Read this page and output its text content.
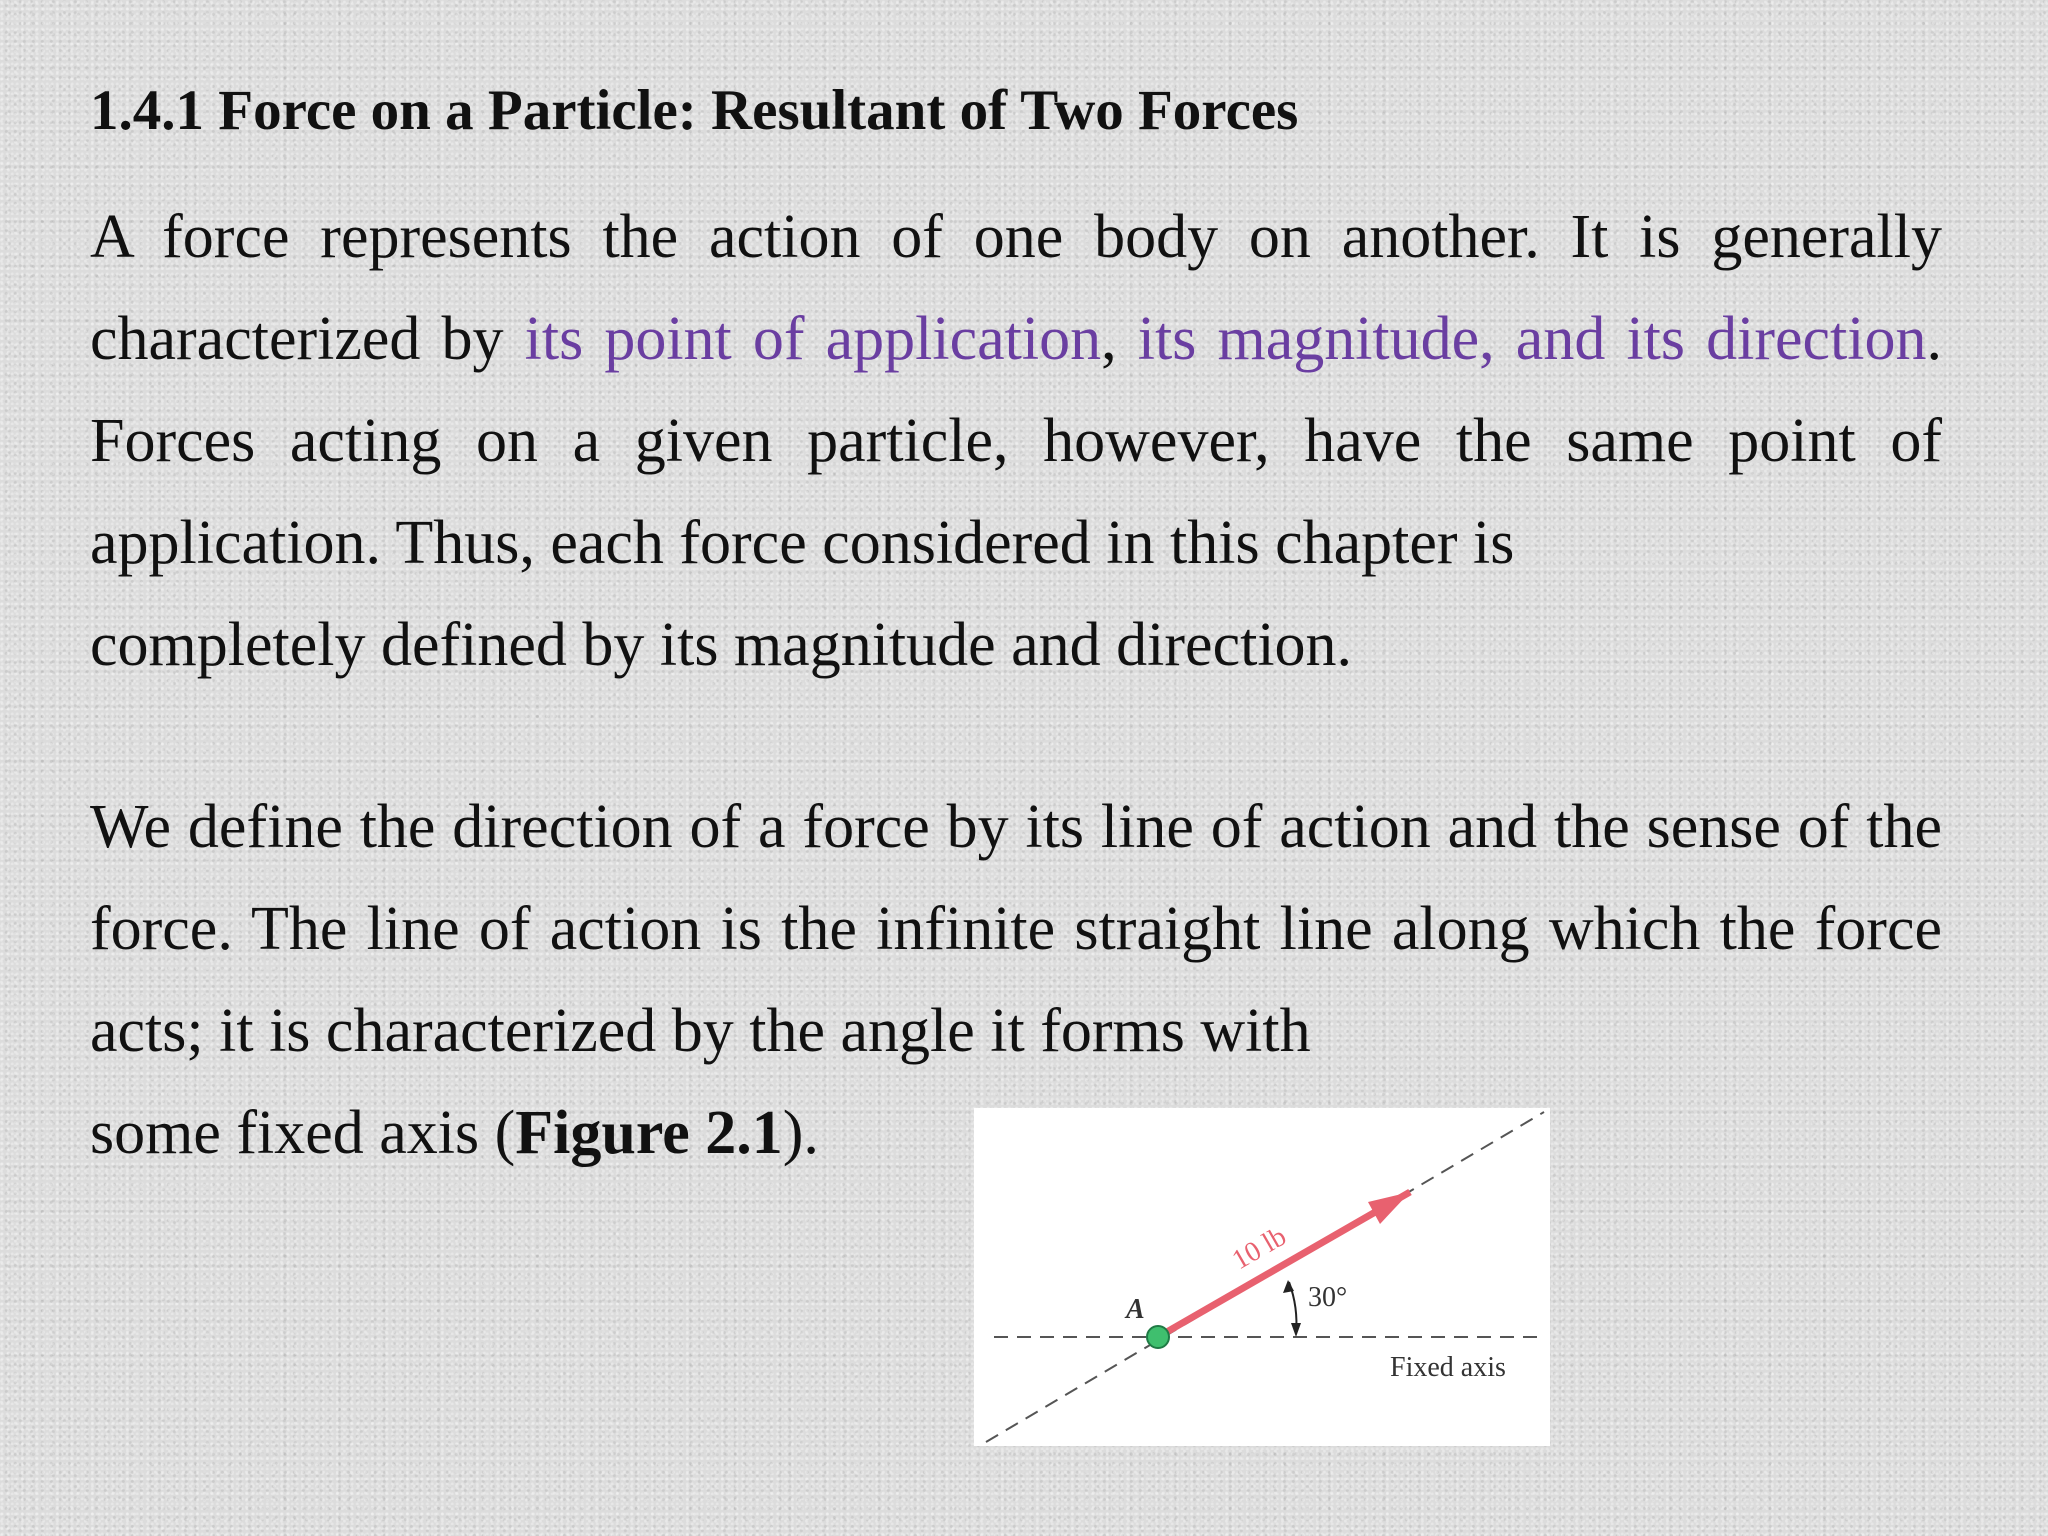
1.4.1 Force on a Particle: Resultant of Two Forces

A force represents the action of one body on another. It is generally characterized by its point of application, its magnitude, and its direction. Forces acting on a given particle, however, have the same point of application. Thus, each force considered in this chapter is
completely defined by its magnitude and direction.

We define the direction of a force by its line of action and the sense of the force. The line of action is the infinite straight line along which the force acts; it is characterized by the angle it forms with
some fixed axis (Figure 2.1).

A
10 lb
30°
Fixed axis
